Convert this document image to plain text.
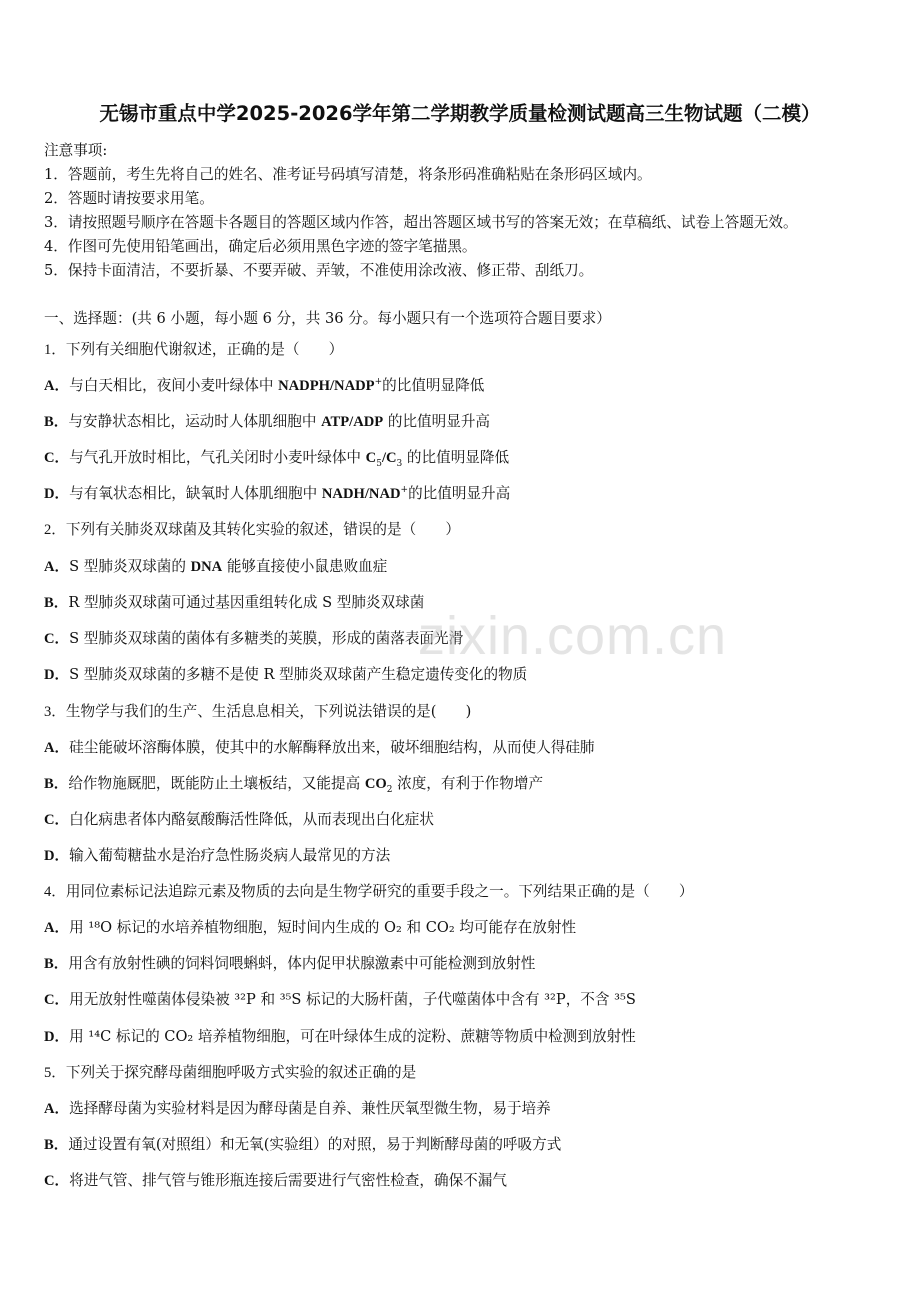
无锡市重点中学2025-2026学年第二学期教学质量检测试题高三生物试题（二模）
注意事项:
1．答题前，考生先将自己的姓名、准考证号码填写清楚，将条形码准确粘贴在条形码区域内。
2．答题时请按要求用笔。
3．请按照题号顺序在答题卡各题目的答题区域内作答，超出答题区域书写的答案无效；在草稿纸、试卷上答题无效。
4．作图可先使用铅笔画出，确定后必须用黑色字迹的签字笔描黑。
5．保持卡面清洁，不要折暴、不要弄破、弄皱，不准使用涂改液、修正带、刮纸刀。
一、选择题：(共 6 小题，每小题 6 分，共 36 分。每小题只有一个选项符合题目要求）
1．下列有关细胞代谢叙述，正确的是（　　）
A．与白天相比，夜间小麦叶绿体中 NADPH/NADP+的比值明显降低
B．与安静状态相比，运动时人体肌细胞中 ATP/ADP 的比值明显升高
C．与气孔开放时相比，气孔关闭时小麦叶绿体中 $C_5/C_3$ 的比值明显降低
D．与有氧状态相比，缺氧时人体肌细胞中 NADH/NAD+的比值明显升高
2．下列有关肺炎双球菌及其转化实验的叙述，错误的是（　　）
A．S 型肺炎双球菌的 DNA 能够直接使小鼠患败血症
B．R 型肺炎双球菌可通过基因重组转化成 S 型肺炎双球菌
C．S 型肺炎双球菌的菌体有多糖类的荚膜，形成的菌落表面光滑
D．S 型肺炎双球菌的多糖不是使 R 型肺炎双球菌产生稳定遗传变化的物质
3．生物学与我们的生产、生活息息相关，下列说法错误的是(　　)
A．硅尘能破坏溶酶体膜，使其中的水解酶释放出来，破坏细胞结构，从而使人得硅肺
B．给作物施厩肥，既能防止土壤板结，又能提高 $CO_2$ 浓度，有利于作物增产
C．白化病患者体内酪氨酸酶活性降低，从而表现出白化症状
D．输入葡萄糖盐水是治疗急性肠炎病人最常见的方法
4．用同位素标记法追踪元素及物质的去向是生物学研究的重要手段之一。下列结果正确的是（　　）
A．用 ¹⁸O 标记的水培养植物细胞，短时间内生成的 O₂ 和 CO₂ 均可能存在放射性
B．用含有放射性碘的饲料饲喂蝌蚪，体内促甲状腺激素中可能检测到放射性
C．用无放射性噬菌体侵染被 ³²P 和 ³⁵S 标记的大肠杆菌，子代噬菌体中含有 ³²P，不含 ³⁵S
D．用 ¹⁴C 标记的 CO₂ 培养植物细胞，可在叶绿体生成的淀粉、蔗糖等物质中检测到放射性
5．下列关于探究酵母菌细胞呼吸方式实验的叙述正确的是
A．选择酵母菌为实验材料是因为酵母菌是自养、兼性厌氧型微生物，易于培养
B．通过设置有氧(对照组）和无氧(实验组）的对照，易于判断酵母菌的呼吸方式
C．将进气管、排气管与锥形瓶连接后需要进行气密性检查，确保不漏气
zixin.com.cn
